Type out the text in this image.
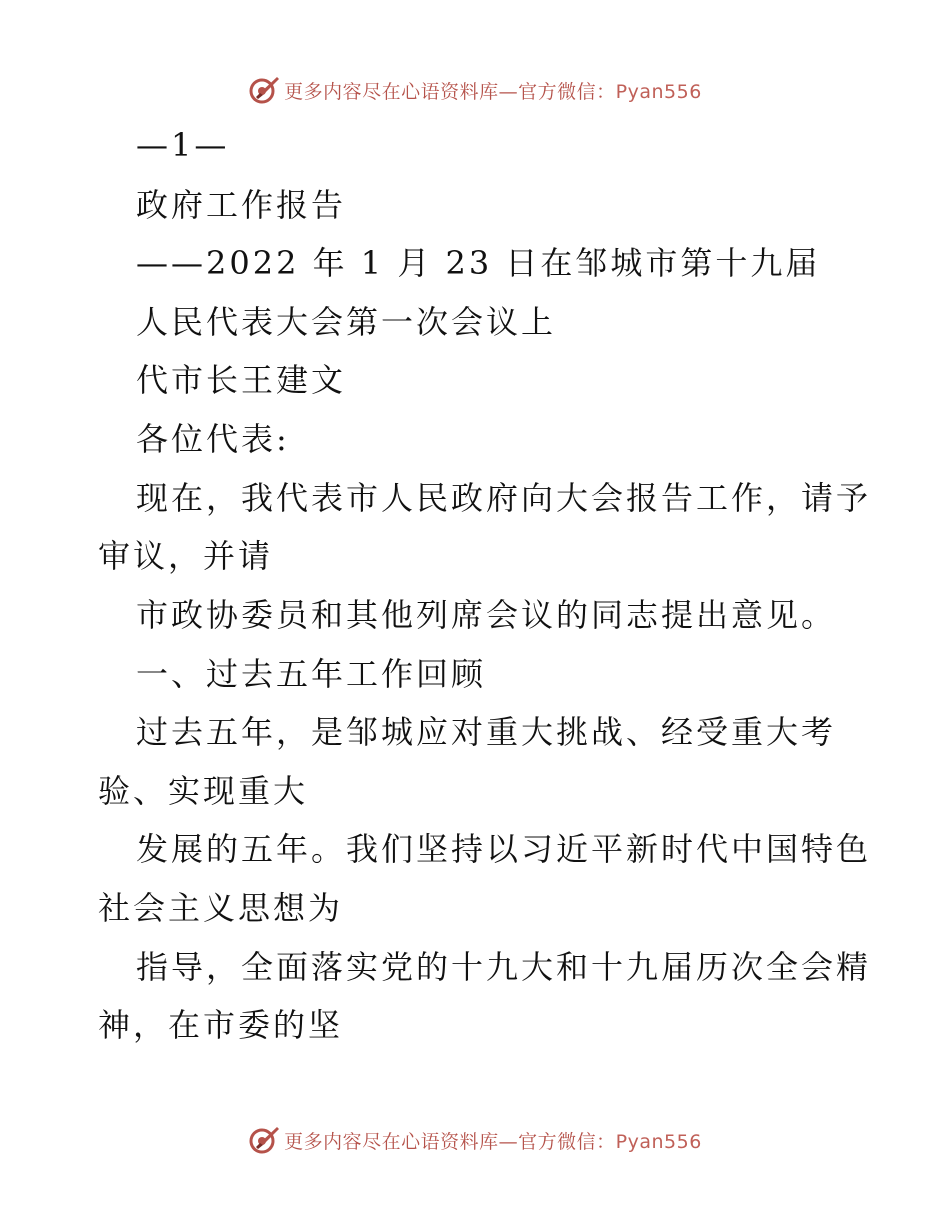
更多内容尽在心语资料库—官方微信：Pyan556
—1—
政府工作报告
——2022 年 1 月 23 日在邹城市第十九届
人民代表大会第一次会议上
代市长王建文
各位代表:
现在，我代表市人民政府向大会报告工作，请予
审议，并请
市政协委员和其他列席会议的同志提出意见。
一、过去五年工作回顾
过去五年，是邹城应对重大挑战、经受重大考
验、实现重大
发展的五年。我们坚持以习近平新时代中国特色
社会主义思想为
指导，全面落实党的十九大和十九届历次全会精
神，在市委的坚
更多内容尽在心语资料库—官方微信：Pyan556
